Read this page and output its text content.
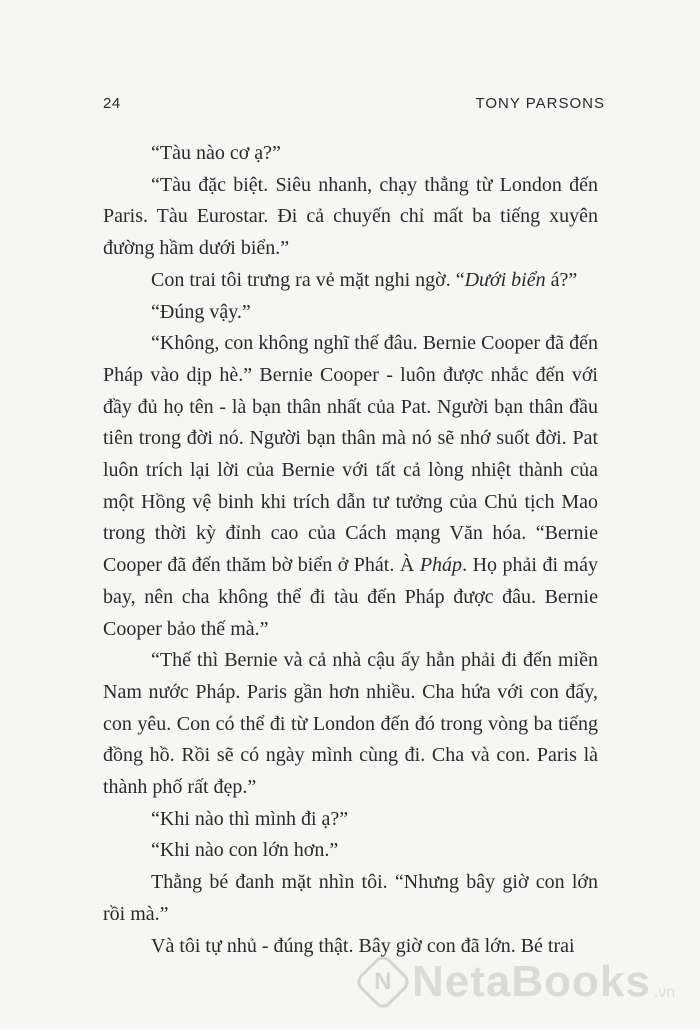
24	TONY PARSONS

“Tàu nào cơ ạ?”

“Tàu đặc biệt. Siêu nhanh, chạy thẳng từ London đến Paris. Tàu Eurostar. Đi cả chuyến chỉ mất ba tiếng xuyên đường hầm dưới biển.”

Con trai tôi trưng ra vẻ mặt nghi ngờ. “Dưới biển á?”

“Đúng vậy.”

“Không, con không nghĩ thế đâu. Bernie Cooper đã đến Pháp vào dịp hè.” Bernie Cooper - luôn được nhắc đến với đầy đủ họ tên - là bạn thân nhất của Pat. Người bạn thân đầu tiên trong đời nó. Người bạn thân mà nó sẽ nhớ suốt đời. Pat luôn trích lại lời của Bernie với tất cả lòng nhiệt thành của một Hồng vệ binh khi trích dẫn tư tưởng của Chủ tịch Mao trong thời kỳ đỉnh cao của Cách mạng Văn hóa. “Bernie Cooper đã đến thăm bờ biển ở Phát. À Pháp. Họ phải đi máy bay, nên cha không thể đi tàu đến Pháp được đâu. Bernie Cooper bảo thế mà.”

“Thế thì Bernie và cả nhà cậu ấy hẳn phải đi đến miền Nam nước Pháp. Paris gần hơn nhiều. Cha hứa với con đấy, con yêu. Con có thể đi từ London đến đó trong vòng ba tiếng đồng hồ. Rồi sẽ có ngày mình cùng đi. Cha và con. Paris là thành phố rất đẹp.”

“Khi nào thì mình đi ạ?”

“Khi nào con lớn hơn.”

Thằng bé đanh mặt nhìn tôi. “Nhưng bây giờ con lớn rồi mà.”

Và tôi tự nhủ - đúng thật. Bây giờ con đã lớn. Bé trai

N NetaBooks .vn
